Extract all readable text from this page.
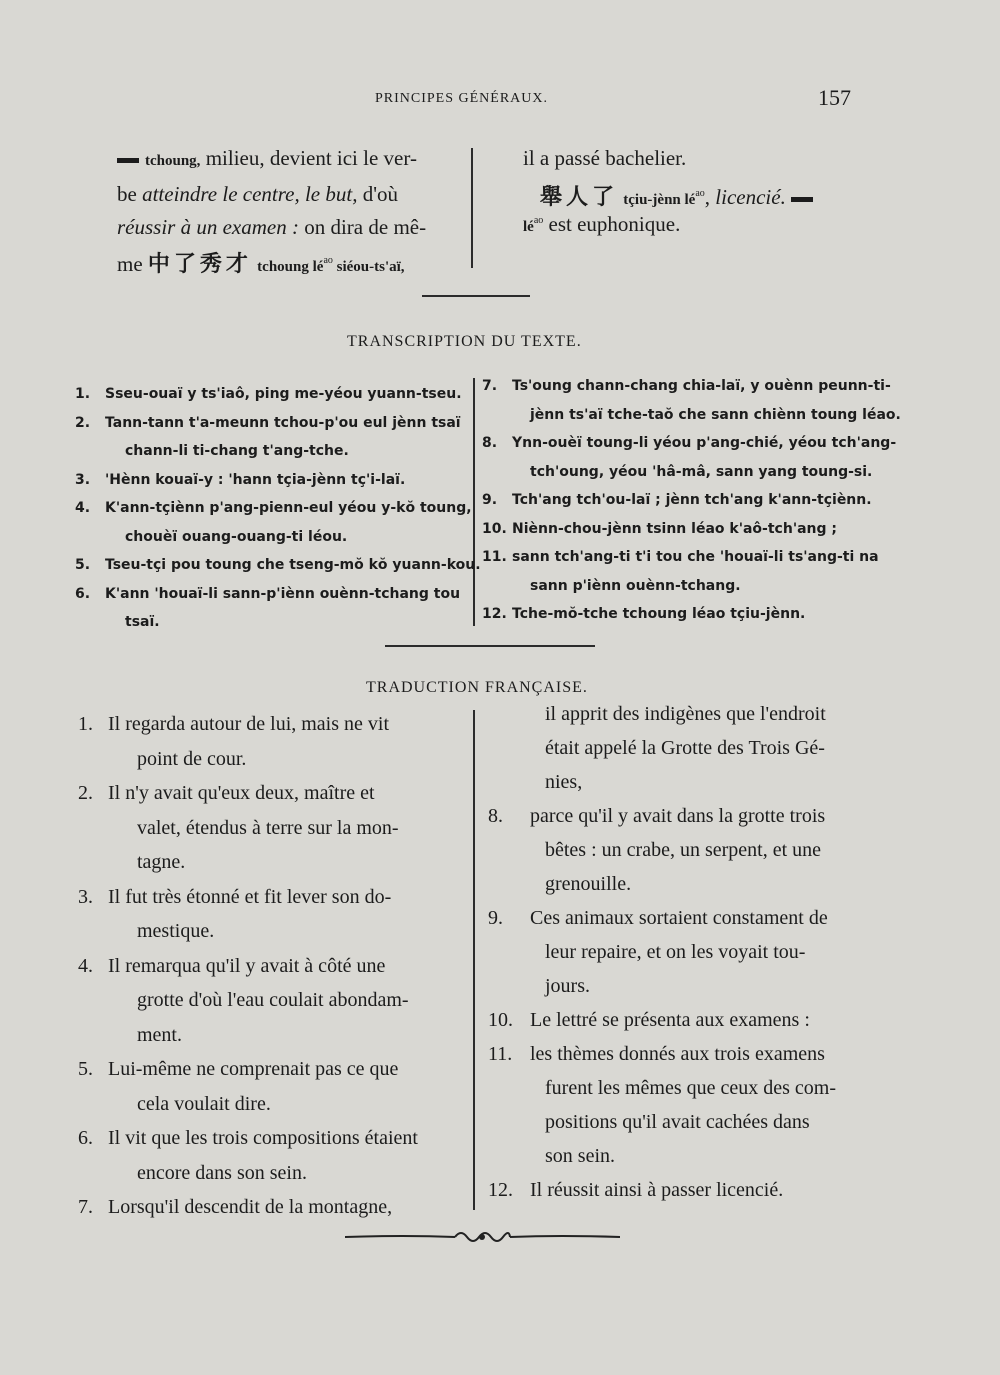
PRINCIPES GÉNÉRAUX.	157
tchoung, milieu, devient ici le ver-
be atteindre le centre, le but, d'où
réussir à un examen : on dira de mê-
me 中了秀才 tchoung $lé^{ao}$ siéou-ts'aï,
il a passé bachelier.
舉人了 tçiu-jènn $lé^{ao}$, licencié.
$lé^{ao}$ est euphonique.
TRANSCRIPTION DU TEXTE.
1. Sseu-ouaï y ts'iaô, ping me-yéou yuann-tseu.
2. Tann-tann t'a-meunn tchou-p'ou eul jènn tsaï
chann-li ti-chang t'ang-tche.
3. 'Hènn kouaï-y : 'hann tçia-jènn tç'i-laï.
4. K'ann-tçiènn p'ang-pienn-eul yéou y-kŏ toung,
chouèï ouang-ouang-ti léou.
5. Tseu-tçi pou toung che tseng-mŏ kŏ yuann-kou.
6. K'ann 'houaï-li sann-p'iènn ouènn-tchang tou
tsaï.
7. Ts'oung chann-chang chia-laï, y ouènn peunn-ti-
jènn ts'aï tche-taŏ che sann chiènn toung léao.
8. Ynn-ouèï toung-li yéou p'ang-chié, yéou tch'ang-
tch'oung, yéou 'hâ-mâ, sann yang toung-si.
9. Tch'ang tch'ou-laï ; jènn tch'ang k'ann-tçiènn.
10. Niènn-chou-jènn tsinn léao k'aô-tch'ang ;
11. sann tch'ang-ti t'i tou che 'houaï-li ts'ang-ti na
sann p'iènn ouènn-tchang.
12. Tche-mŏ-tche tchoung léao tçiu-jènn.
TRADUCTION FRANÇAISE.
1. Il regarda autour de lui, mais ne vit
point de cour.
2. Il n'y avait qu'eux deux, maître et
valet, étendus à terre sur la mon-
tagne.
3. Il fut très étonné et fit lever son do-
mestique.
4. Il remarqua qu'il y avait à côté une
grotte d'où l'eau coulait abondam-
ment.
5. Lui-même ne comprenait pas ce que
cela voulait dire.
6. Il vit que les trois compositions étaient
encore dans son sein.
7. Lorsqu'il descendit de la montagne,
il apprit des indigènes que l'endroit
était appelé la Grotte des Trois Gé-
nies,
8. parce qu'il y avait dans la grotte trois
bêtes : un crabe, un serpent, et une
grenouille.
9. Ces animaux sortaient constament de
leur repaire, et on les voyait tou-
jours.
10. Le lettré se présenta aux examens :
11. les thèmes donnés aux trois examens
furent les mêmes que ceux des com-
positions qu'il avait cachées dans
son sein.
12. Il réussit ainsi à passer licencié.
